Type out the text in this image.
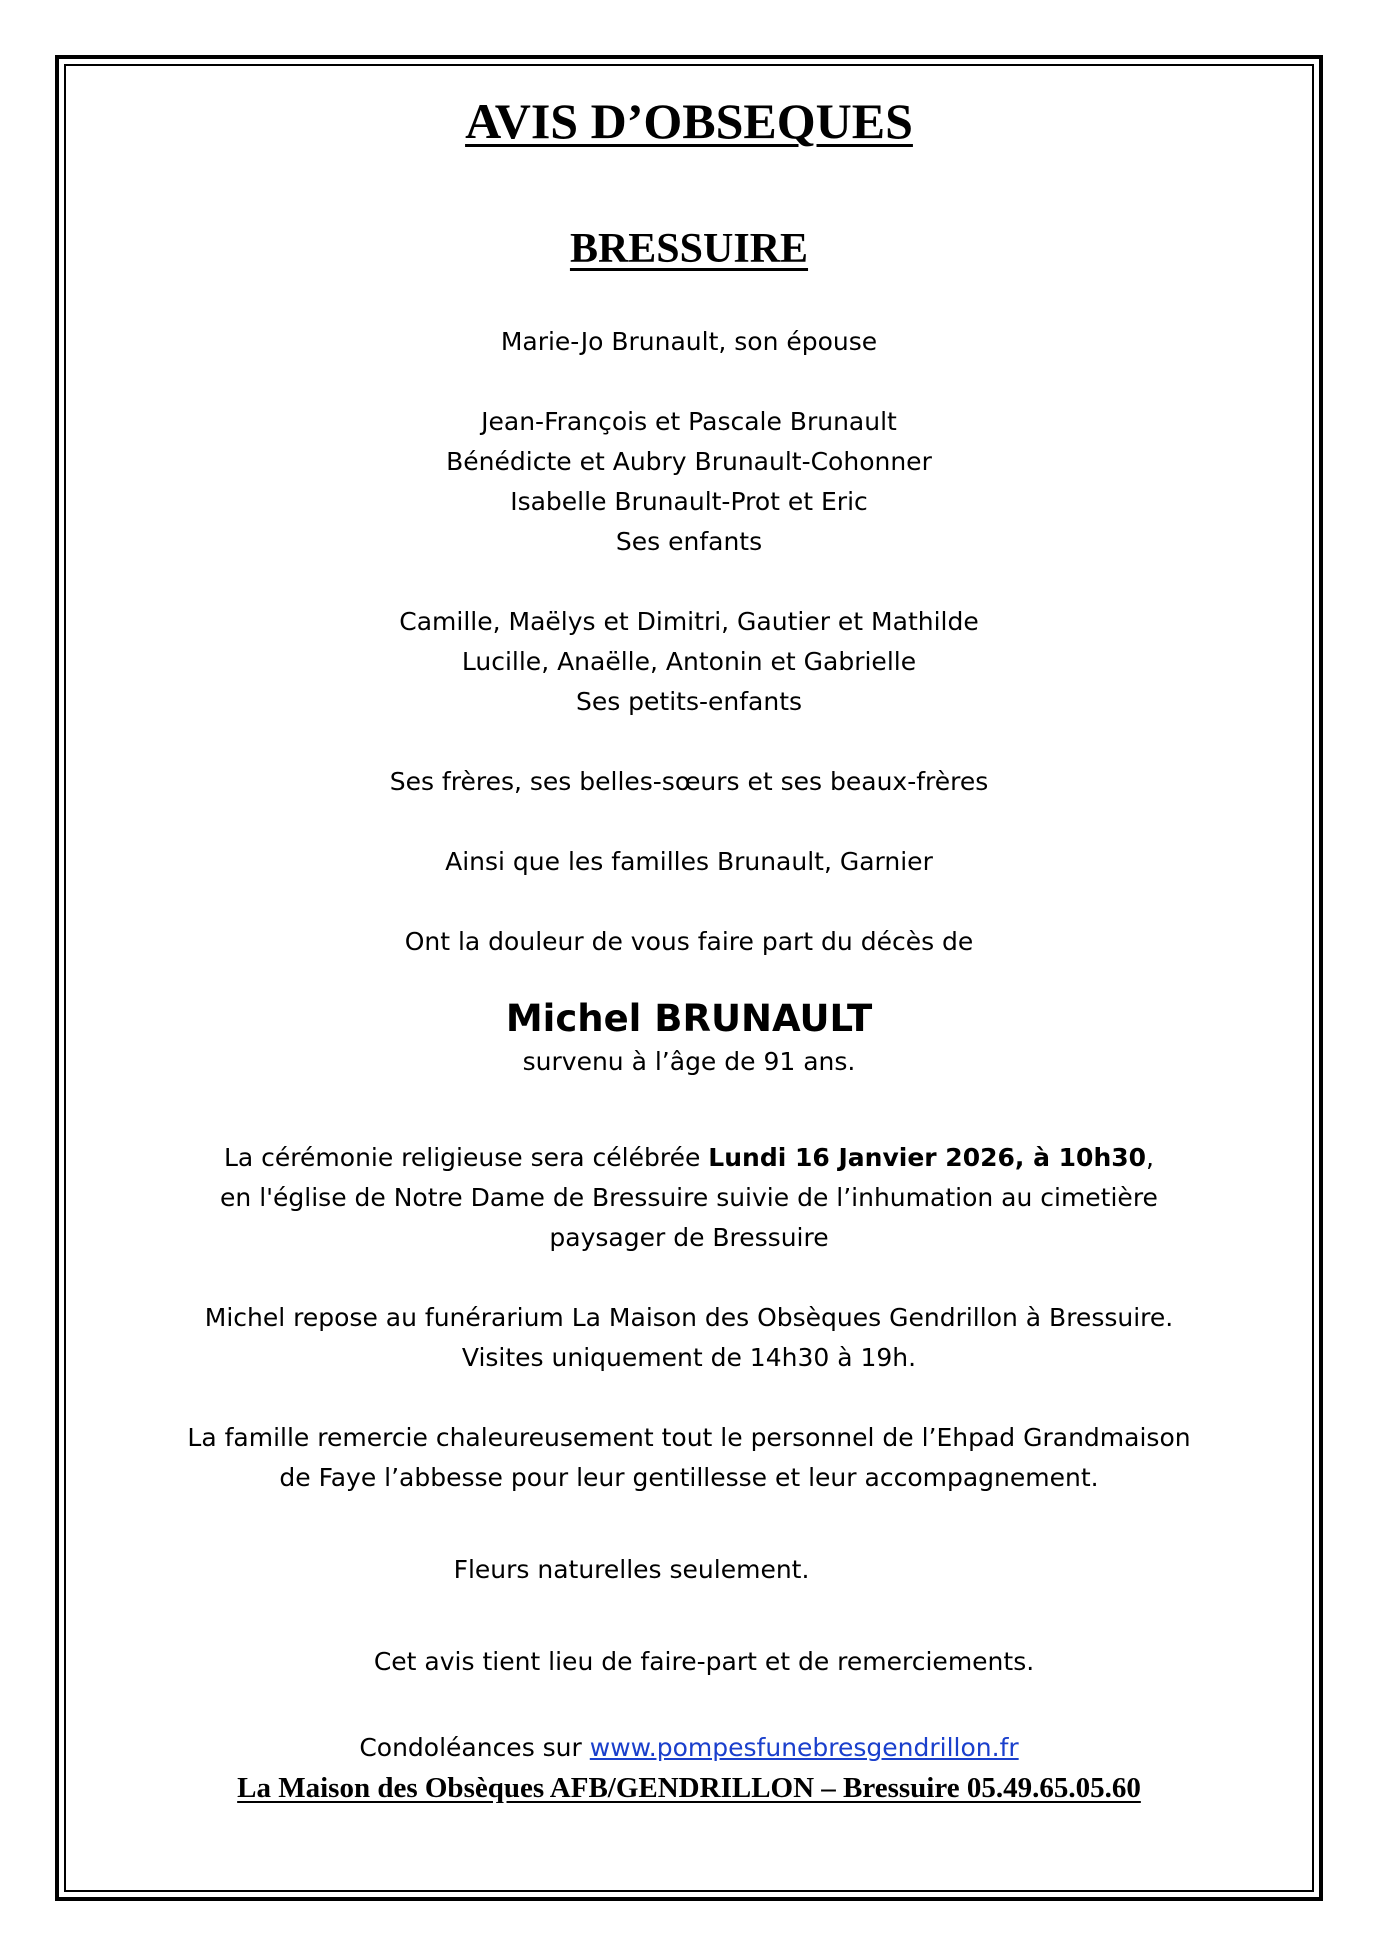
AVIS D’OBSEQUES
BRESSUIRE
Marie-Jo Brunault, son épouse
Jean-François et Pascale Brunault
Bénédicte et Aubry Brunault-Cohonner
Isabelle Brunault-Prot et Eric
Ses enfants
Camille, Maëlys et Dimitri, Gautier et Mathilde
Lucille, Anaëlle, Antonin et Gabrielle
Ses petits-enfants
Ses frères, ses belles-sœurs et ses beaux-frères
Ainsi que les familles Brunault, Garnier
Ont la douleur de vous faire part du décès de
Michel BRUNAULT
survenu à l’âge de 91 ans.
La cérémonie religieuse sera célébrée Lundi 16 Janvier 2026, à 10h30,
en l'église de Notre Dame de Bressuire suivie de l’inhumation au cimetière
paysager de Bressuire
Michel repose au funérarium La Maison des Obsèques Gendrillon à Bressuire.
Visites uniquement de 14h30 à 19h.
La famille remercie chaleureusement tout le personnel de l’Ehpad Grandmaison
de Faye l’abbesse pour leur gentillesse et leur accompagnement.
Fleurs naturelles seulement.
Cet avis tient lieu de faire-part et de remerciements.
Condoléances sur www.pompesfunebresgendrillon.fr
La Maison des Obsèques AFB/GENDRILLON – Bressuire 05.49.65.05.60
